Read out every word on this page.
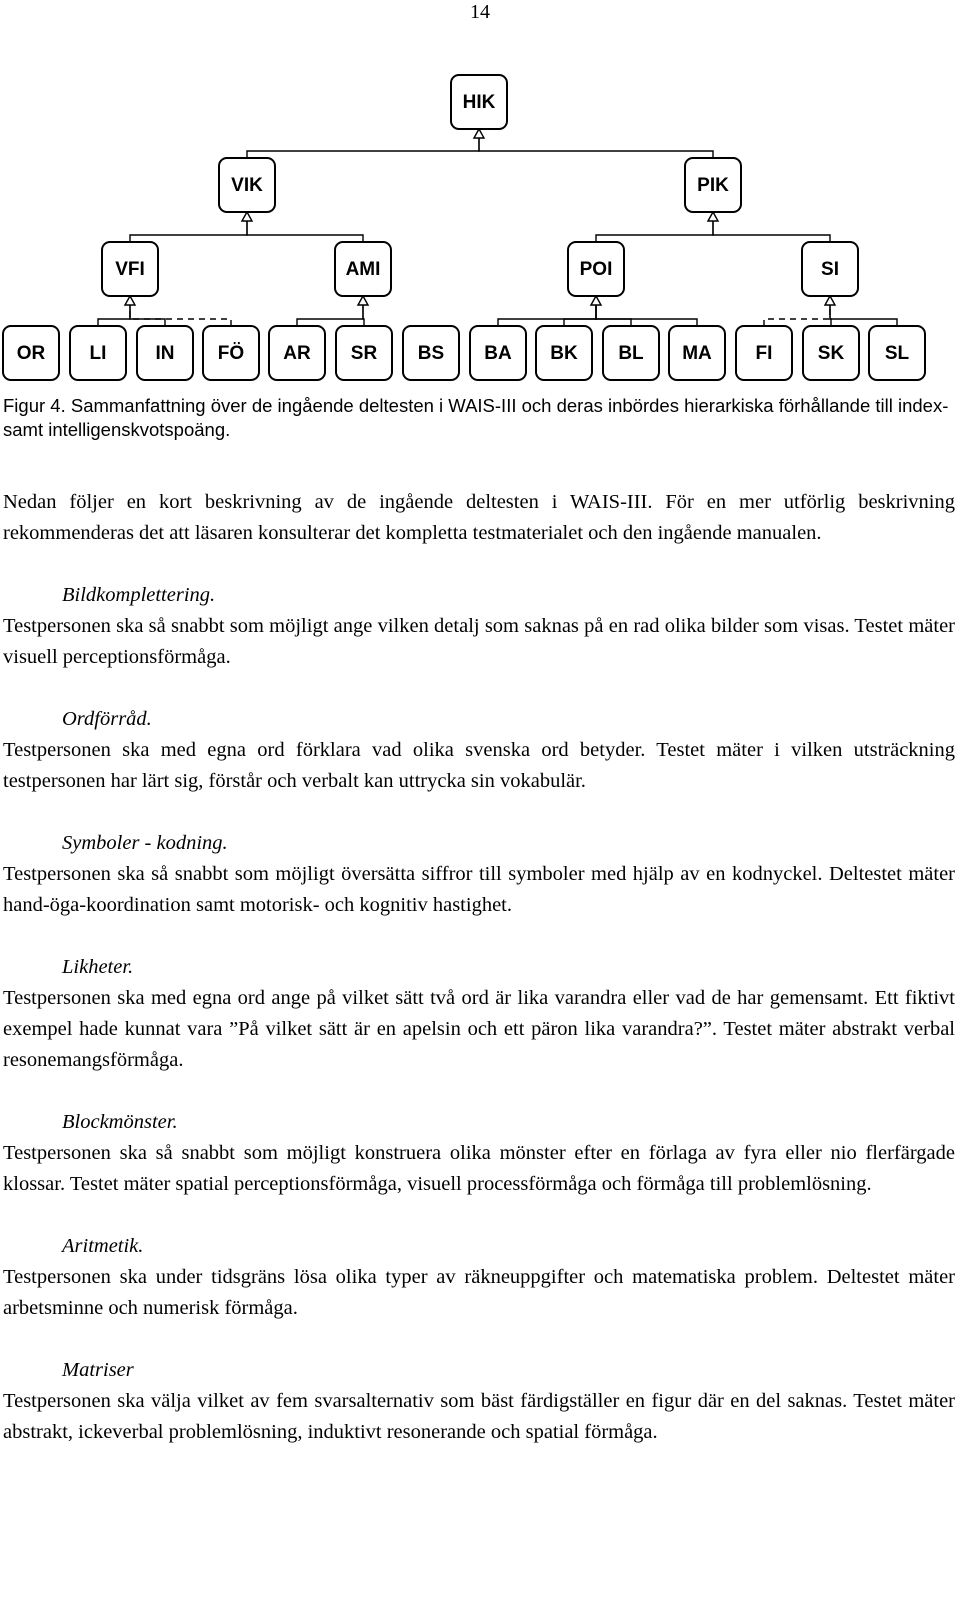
14
HIK
VIK	PIK
VFI	AMI	POI	SI
OR LI	IN FÖ AR SR BS BA BK BL MA FI SK SL
Figur 4. Sammanfattning över de ingående deltesten i WAIS-III och deras inbördes hierarkiska förhållande till index- samt intelligenskvotspoäng.

Nedan följer en kort beskrivning av de ingående deltesten i WAIS-III. För en mer utförlig beskrivning rekommenderas det att läsaren konsulterar det kompletta testmaterialet och den ingående manualen.

Bildkomplettering.

Testpersonen ska så snabbt som möjligt ange vilken detalj som saknas på en rad olika bilder som visas. Testet mäter visuell perceptionsförmåga.

Ordförråd.

Testpersonen ska med egna ord förklara vad olika svenska ord betyder. Testet mäter i vilken utsträckning testpersonen har lärt sig, förstår och verbalt kan uttrycka sin vokabulär.

Symboler - kodning.

Testpersonen ska så snabbt som möjligt översätta siffror till symboler med hjälp av en kodnyckel. Deltestet mäter hand-öga-koordination samt motorisk- och kognitiv hastighet.

Likheter.

Testpersonen ska med egna ord ange på vilket sätt två ord är lika varandra eller vad de har gemensamt. Ett fiktivt exempel hade kunnat vara ”På vilket sätt är en apelsin och ett päron lika varandra?”. Testet mäter abstrakt verbal resonemangsförmåga.

Blockmönster.

Testpersonen ska så snabbt som möjligt konstruera olika mönster efter en förlaga av fyra eller nio flerfärgade klossar. Testet mäter spatial perceptionsförmåga, visuell processförmåga och förmåga till problemlösning.

Aritmetik.

Testpersonen ska under tidsgräns lösa olika typer av räkneuppgifter och matematiska problem. Deltestet mäter arbetsminne och numerisk förmåga.

Matriser

Testpersonen ska välja vilket av fem svarsalternativ som bäst färdigställer en figur där en del saknas. Testet mäter abstrakt, ickeverbal problemlösning, induktivt resonerande och spatial förmåga.
